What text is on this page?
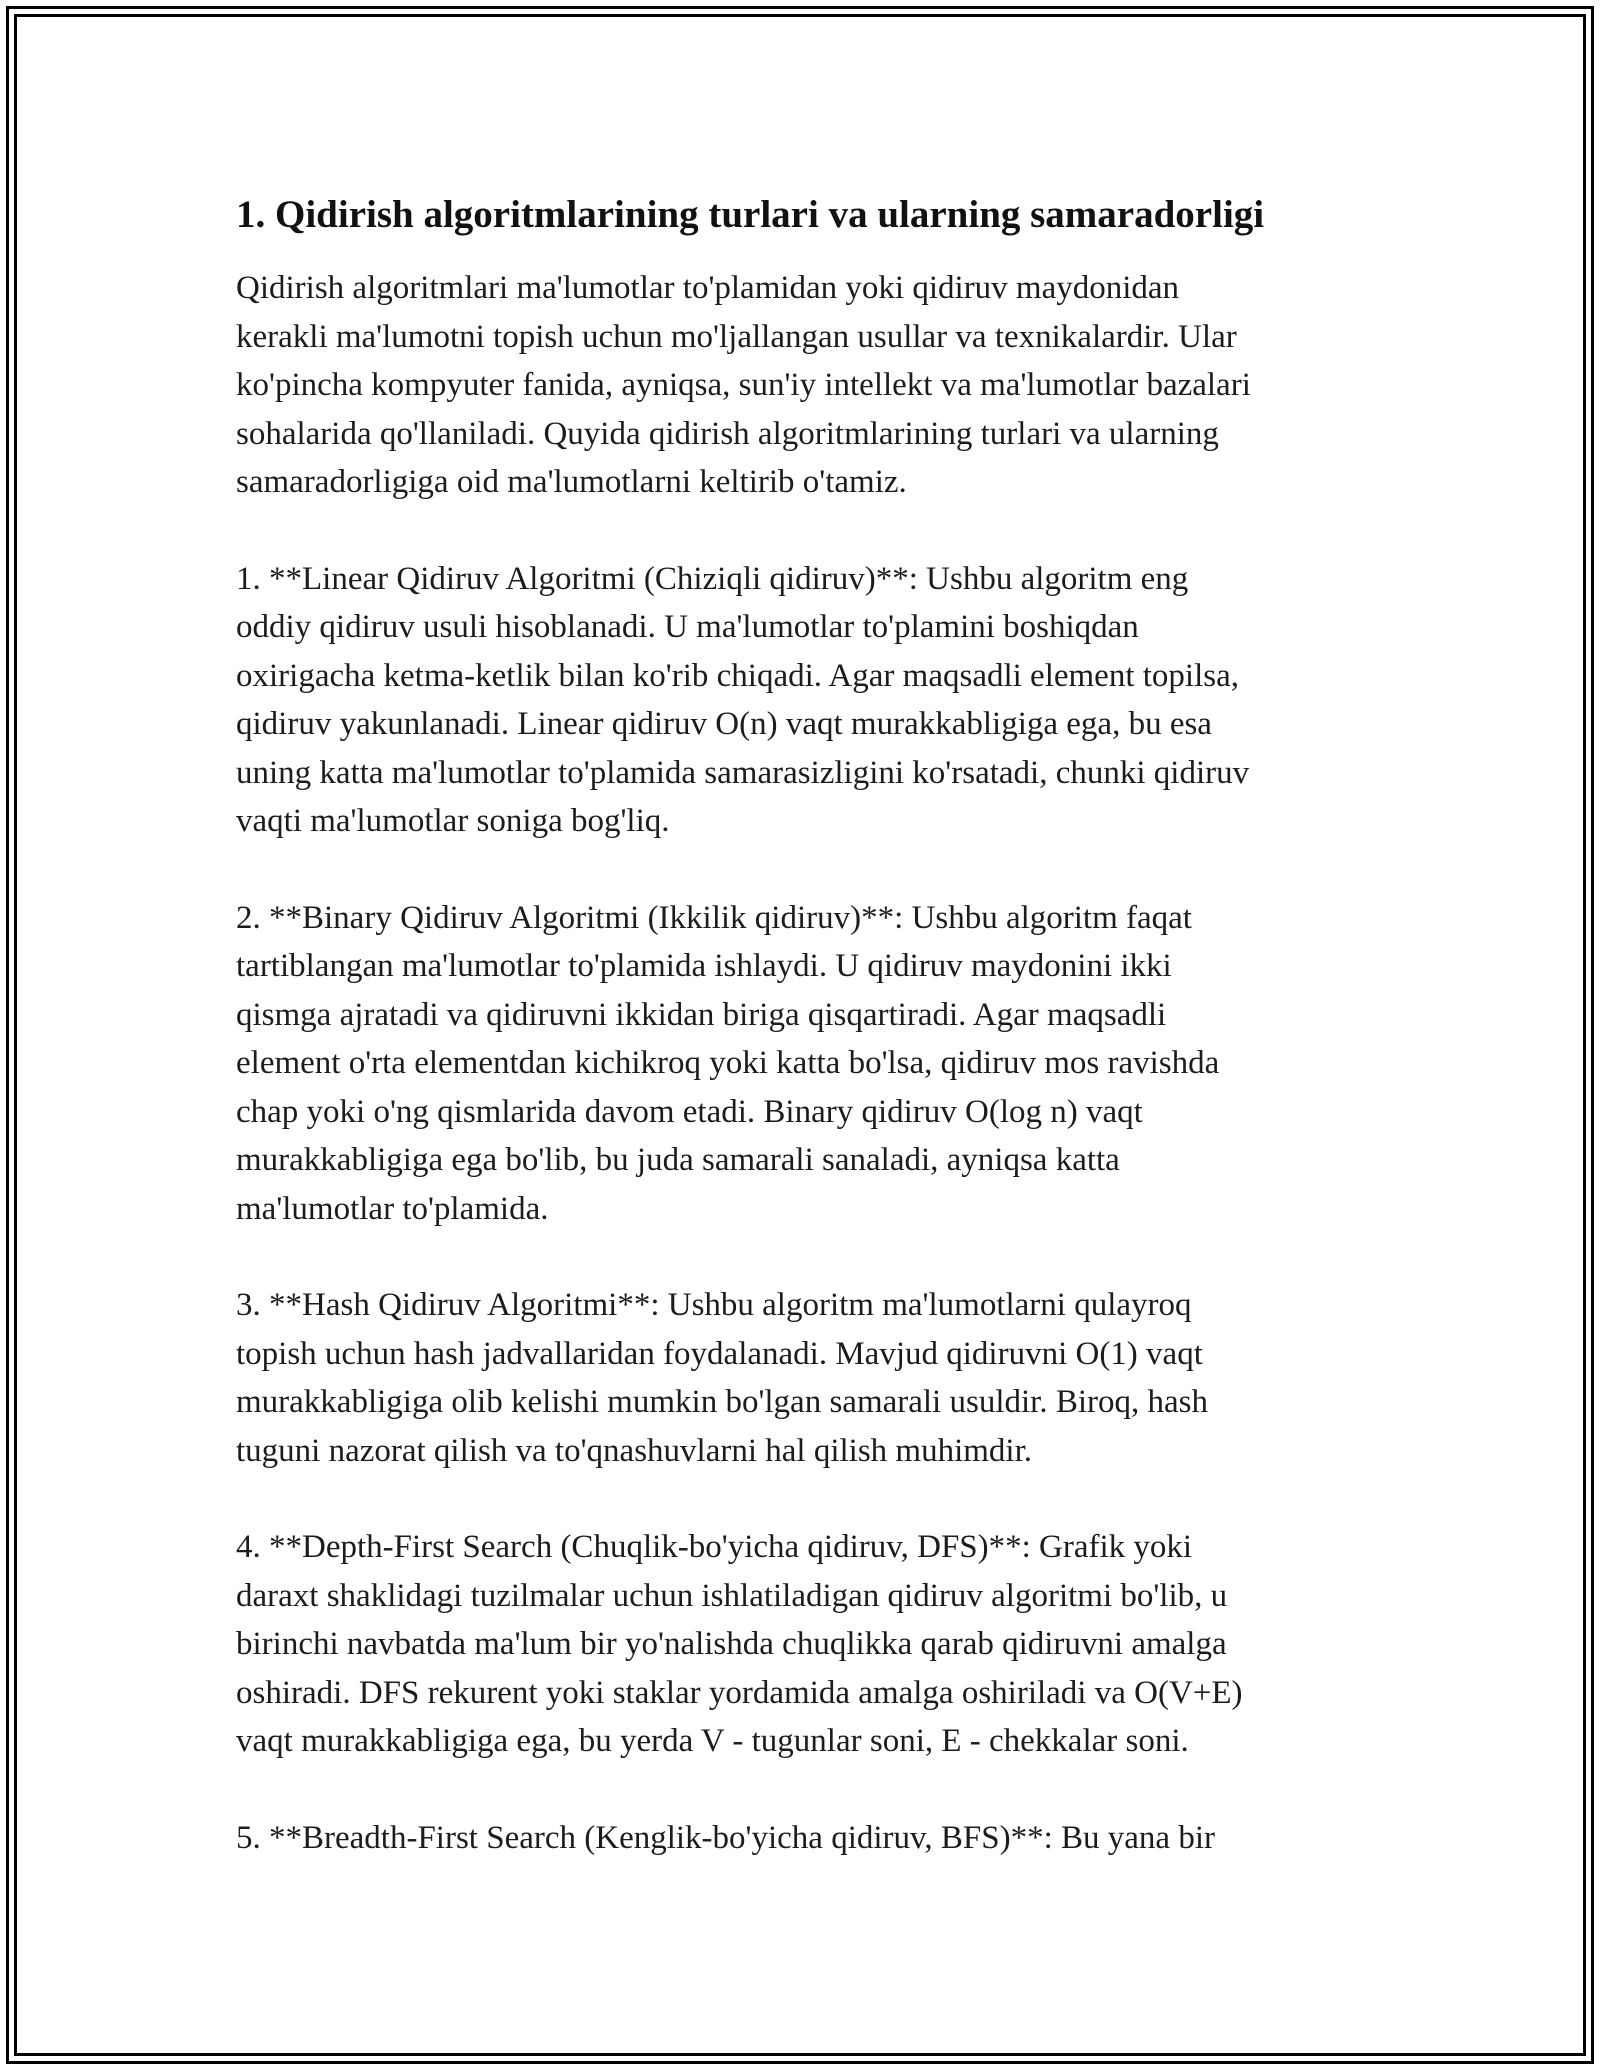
1. Qidirish algoritmlarining turlari va ularning samaradorligi

Qidirish algoritmlari ma'lumotlar to'plamidan yoki qidiruv maydonidan
kerakli ma'lumotni topish uchun mo'ljallangan usullar va texnikalardir. Ular
ko'pincha kompyuter fanida, ayniqsa, sun'iy intellekt va ma'lumotlar bazalari
sohalarida qo'llaniladi. Quyida qidirish algoritmlarining turlari va ularning
samaradorligiga oid ma'lumotlarni keltirib o'tamiz.

1. **Linear Qidiruv Algoritmi (Chiziqli qidiruv)**: Ushbu algoritm eng
oddiy qidiruv usuli hisoblanadi. U ma'lumotlar to'plamini boshiqdan
oxirigacha ketma-ketlik bilan ko'rib chiqadi. Agar maqsadli element topilsa,
qidiruv yakunlanadi. Linear qidiruv O(n) vaqt murakkabligiga ega, bu esa
uning katta ma'lumotlar to'plamida samarasizligini ko'rsatadi, chunki qidiruv
vaqti ma'lumotlar soniga bog'liq.

2. **Binary Qidiruv Algoritmi (Ikkilik qidiruv)**: Ushbu algoritm faqat
tartiblangan ma'lumotlar to'plamida ishlaydi. U qidiruv maydonini ikki
qismga ajratadi va qidiruvni ikkidan biriga qisqartiradi. Agar maqsadli
element o'rta elementdan kichikroq yoki katta bo'lsa, qidiruv mos ravishda
chap yoki o'ng qismlarida davom etadi. Binary qidiruv O(log n) vaqt
murakkabligiga ega bo'lib, bu juda samarali sanaladi, ayniqsa katta
ma'lumotlar to'plamida.

3. **Hash Qidiruv Algoritmi**: Ushbu algoritm ma'lumotlarni qulayroq
topish uchun hash jadvallaridan foydalanadi. Mavjud qidiruvni O(1) vaqt
murakkabligiga olib kelishi mumkin bo'lgan samarali usuldir. Biroq, hash
tuguni nazorat qilish va to'qnashuvlarni hal qilish muhimdir.

4. **Depth-First Search (Chuqlik-bo'yicha qidiruv, DFS)**: Grafik yoki
daraxt shaklidagi tuzilmalar uchun ishlatiladigan qidiruv algoritmi bo'lib, u
birinchi navbatda ma'lum bir yo'nalishda chuqlikka qarab qidiruvni amalga
oshiradi. DFS rekurent yoki staklar yordamida amalga oshiriladi va O(V+E)
vaqt murakkabligiga ega, bu yerda V - tugunlar soni, E - chekkalar soni.

5. **Breadth-First Search (Kenglik-bo'yicha qidiruv, BFS)**: Bu yana bir
